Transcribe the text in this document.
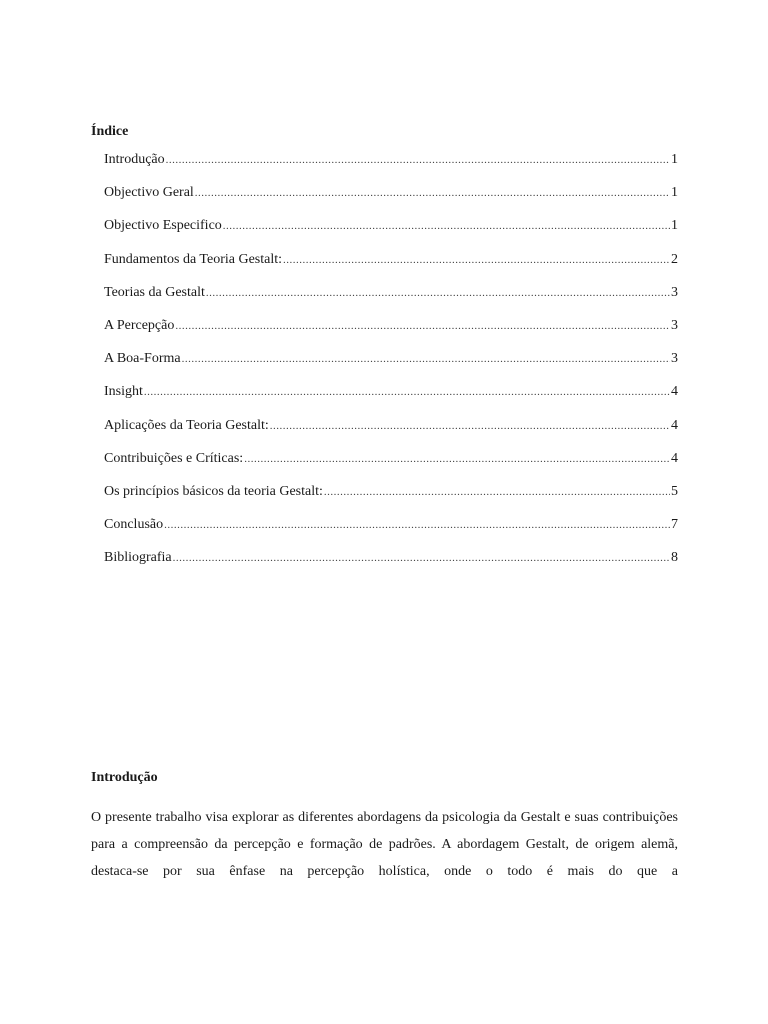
Índice
Introdução .....	1
Objectivo Geral .....	1
Objectivo Especifico .....	1
Fundamentos da Teoria Gestalt: .....	2
Teorias da Gestalt .....	3
A Percepção .....	3
A Boa-Forma .....	3
Insight .....	4
Aplicações da Teoria Gestalt: .....	4
Contribuições e Críticas: .....	4
Os princípios básicos da teoria Gestalt: .....	5
Conclusão .....	7
Bibliografia .....	8
Introdução

O presente trabalho visa explorar as diferentes abordagens da psicologia da Gestalt e suas contribuições para a compreensão da percepção e formação de padrões. A abordagem Gestalt, de origem alemã, destaca-se por sua ênfase na percepção holística, onde o todo é mais do que a
